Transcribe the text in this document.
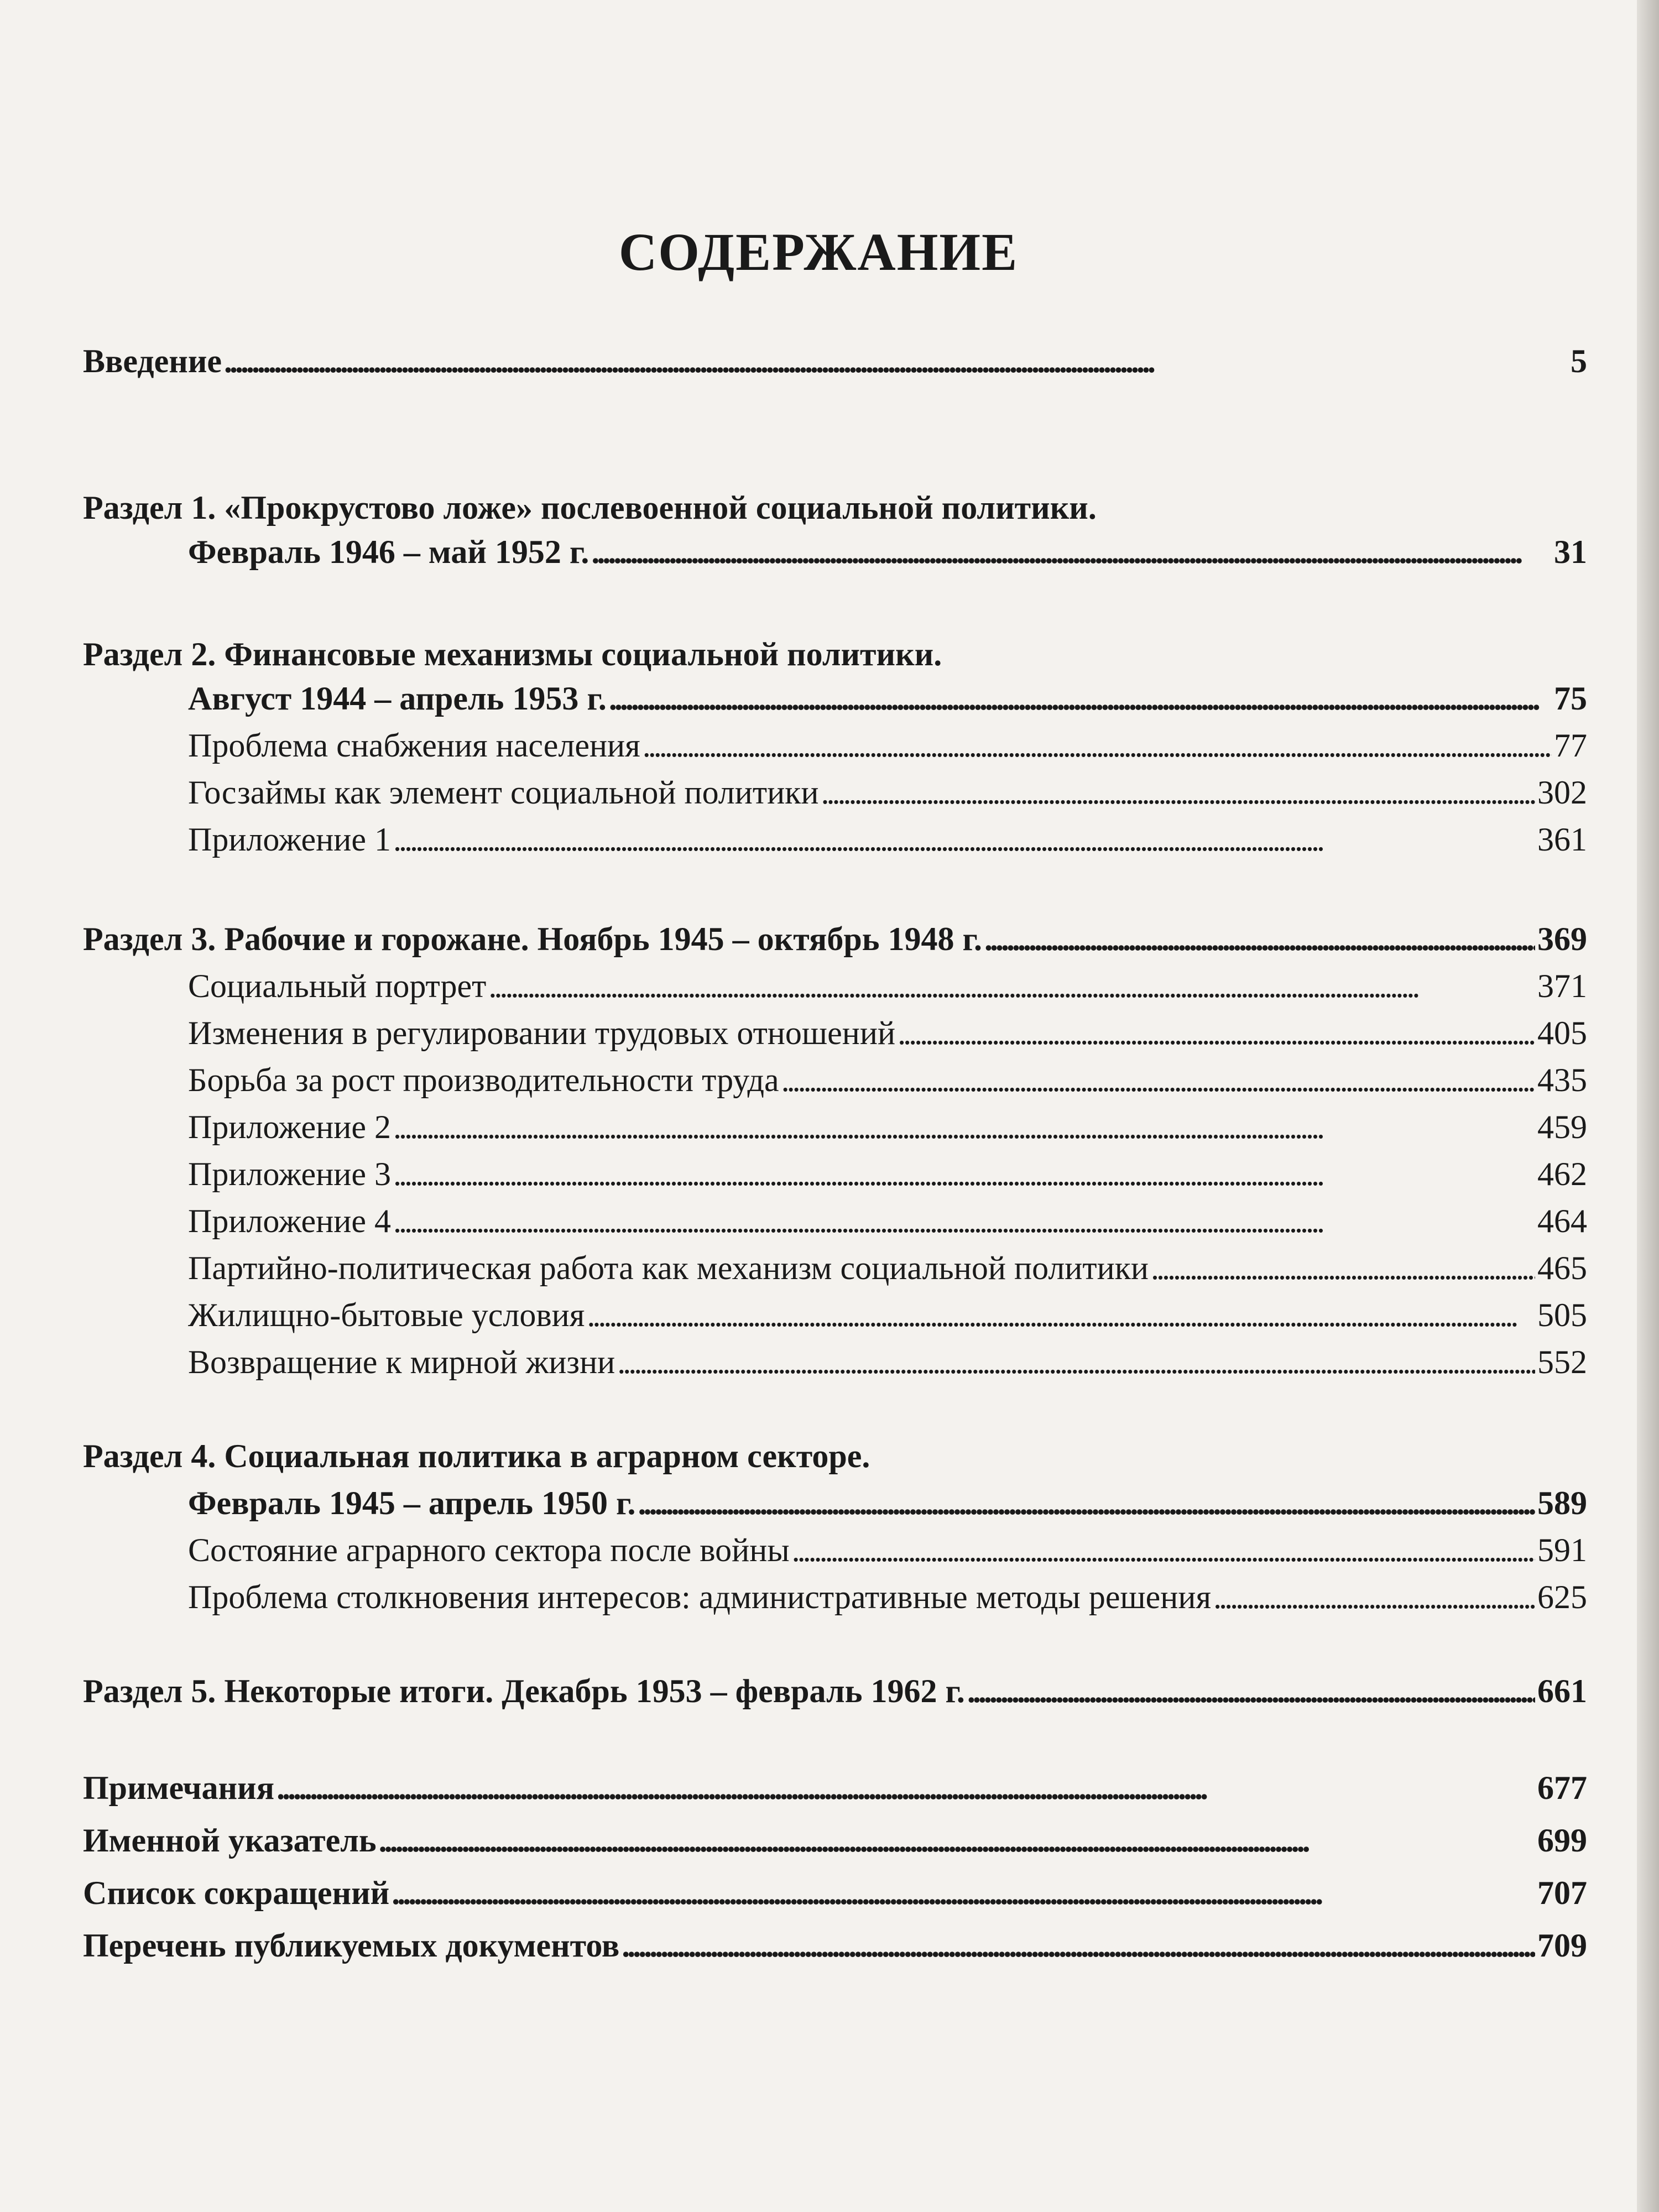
СОДЕРЖАНИЕ
Введение . . .	5
Раздел 1. «Прокрустово ложе» послевоенной социальной политики.
Февраль 1946 – май 1952 г. . . .	31
Раздел 2. Финансовые механизмы социальной политики.
Август 1944 – апрель 1953 г. . . .	75
Проблема снабжения населения . . .	77
Госзаймы как элемент социальной политики . . .	302
Приложение 1 . . .	361
Раздел 3. Рабочие и горожане. Ноябрь 1945 – октябрь 1948 г. . . .	369
Социальный портрет . . .	371
Изменения в регулировании трудовых отношений . . .	405
Борьба за рост производительности труда . . .	435
Приложение 2 . . .	459
Приложение 3 . . .	462
Приложение 4 . . .	464
Партийно-политическая работа как механизм социальной политики . . .	465
Жилищно-бытовые условия . . .	505
Возвращение к мирной жизни . . .	552
Раздел 4. Социальная политика в аграрном секторе.
Февраль 1945 – апрель 1950 г. . . .	589
Состояние аграрного сектора после войны . . .	591
Проблема столкновения интересов: административные методы решения . . .	625
Раздел 5. Некоторые итоги. Декабрь 1953 – февраль 1962 г. . . .	661
Примечания . . .	677
Именной указатель . . .	699
Список сокращений . . .	707
Перечень публикуемых документов . . .	709
